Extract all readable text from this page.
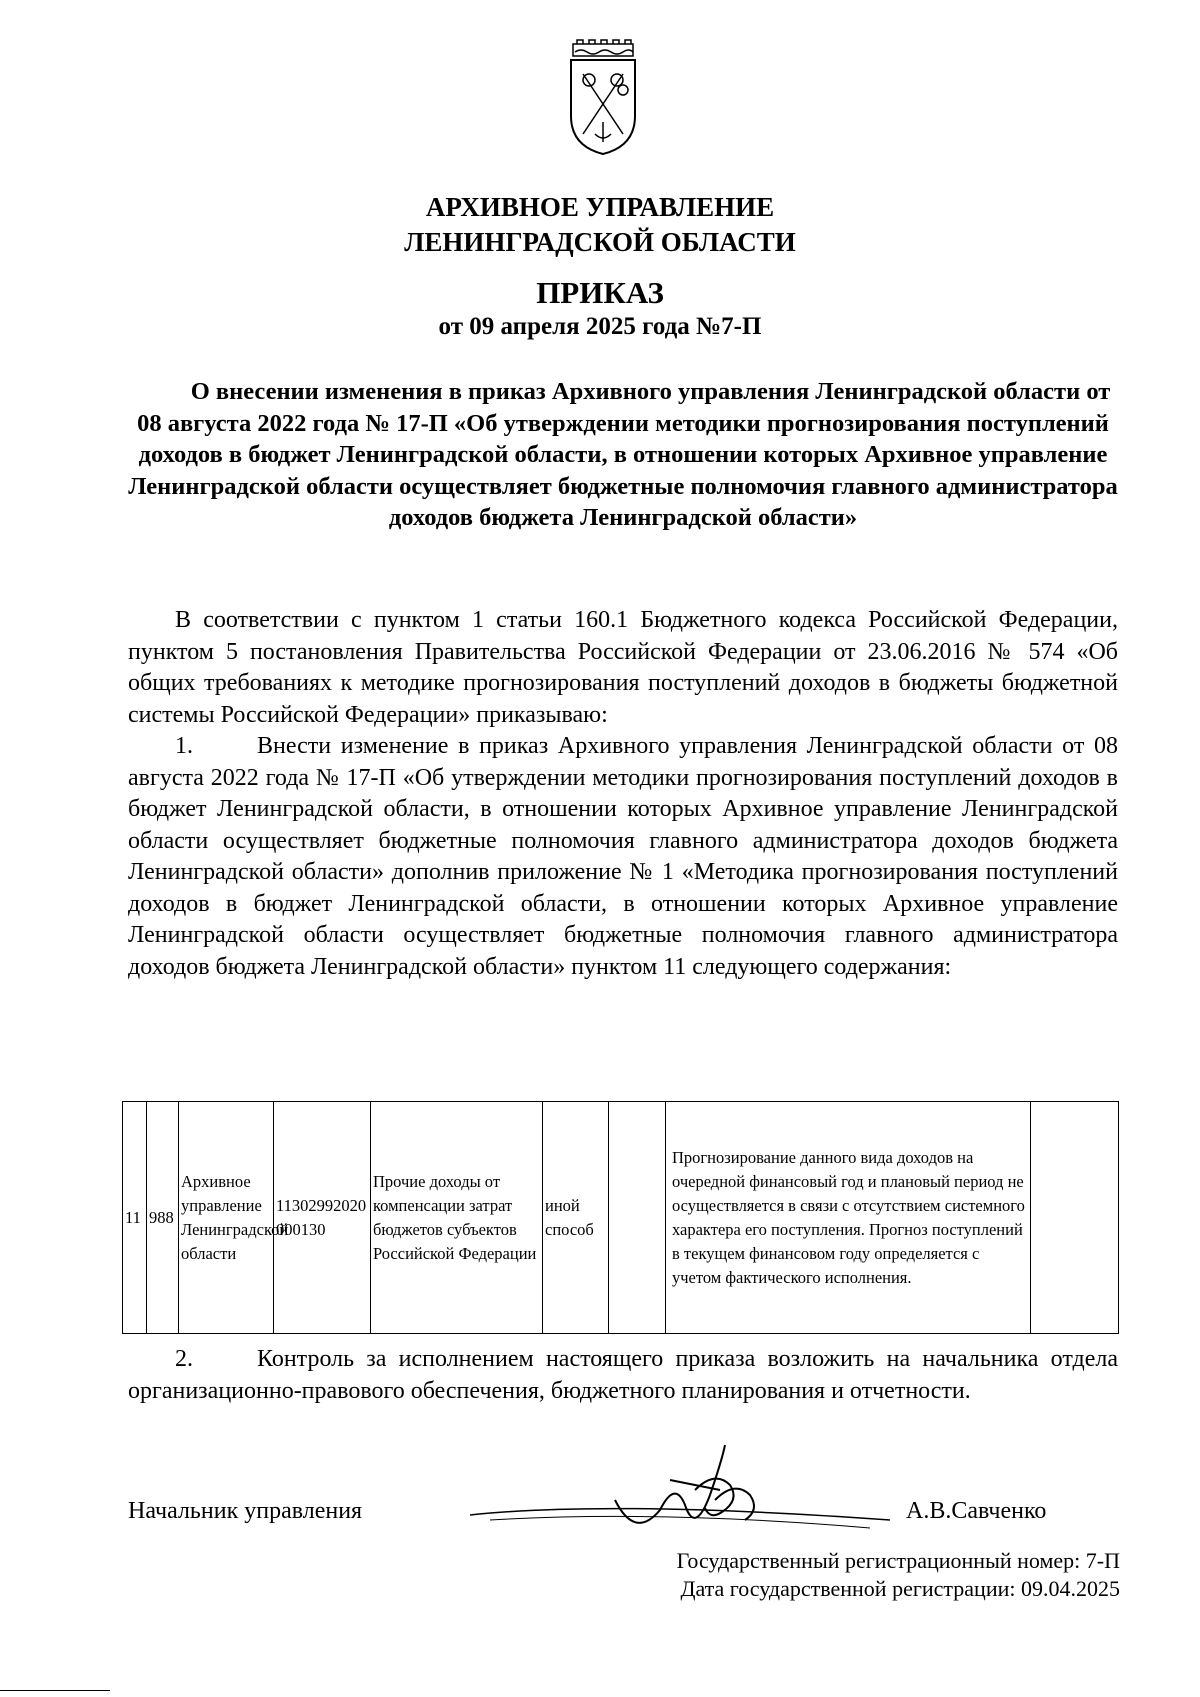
АРХИВНОЕ УПРАВЛЕНИЕ
ЛЕНИНГРАДСКОЙ ОБЛАСТИ
ПРИКАЗ
от 09 апреля 2025 года №7-П
О внесении изменения в приказ Архивного управления Ленинградской области от 08 августа 2022 года № 17-П «Об утверждении методики прогнозирования поступлений доходов в бюджет Ленинградской области, в отношении которых Архивное управление Ленинградской области осуществляет бюджетные полномочия главного администратора доходов бюджета Ленинградской области»

В соответствии с пунктом 1 статьи 160.1 Бюджетного кодекса Российской Федерации, пунктом 5 постановления Правительства Российской Федерации от 23.06.2016 № 574 «Об общих требованиях к методике прогнозирования поступлений доходов в бюджеты бюджетной системы Российской Федерации» приказываю:

1.	Внести изменение в приказ Архивного управления Ленинградской области от 08 августа 2022 года № 17-П «Об утверждении методики прогнозирования поступлений доходов в бюджет Ленинградской области, в отношении которых Архивное управление Ленинградской области осуществляет бюджетные полномочия главного администратора доходов бюджета Ленинградской области» дополнив приложение № 1 «Методика прогнозирования поступлений доходов в бюджет Ленинградской области, в отношении которых Архивное управление Ленинградской области осуществляет бюджетные полномочия главного администратора доходов бюджета Ленинградской области» пунктом 11 следующего содержания:

11	988	Архивное управление Ленинградской области	11302992020000130	Прочие доходы от компенсации затрат бюджетов субъектов Российской Федерации	иной способ		Прогнозирование данного вида доходов на очередной финансовый год и плановый период не осуществляется в связи с отсутствием системного характера его поступления. Прогноз поступлений в текущем финансовом году определяется с учетом фактического исполнения.	

2.	Контроль за исполнением настоящего приказа возложить на начальника отдела организационно-правового обеспечения, бюджетного планирования и отчетности.

Начальник управления	А.В.Савченко
Государственный регистрационный номер: 7-П
Дата государственной регистрации: 09.04.2025
